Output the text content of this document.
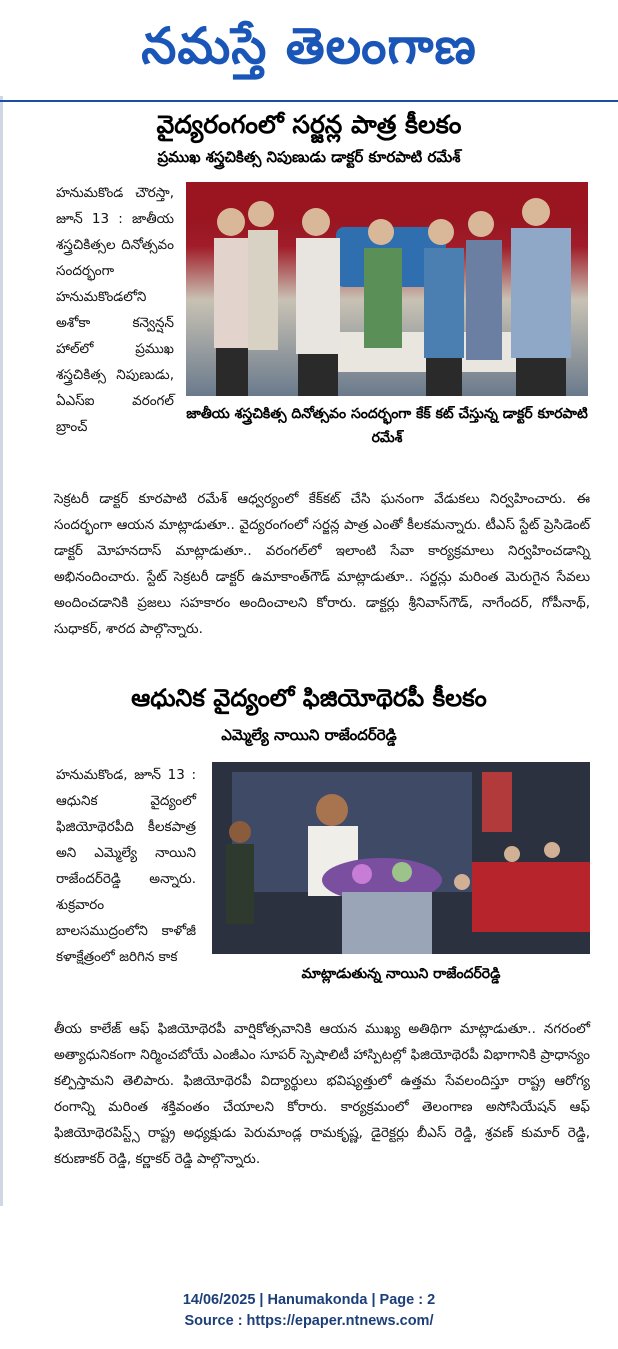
నమస్తే తెలంగాణ
వైద్యరంగంలో సర్జన్ల పాత్ర కీలకం
ప్రముఖ శస్త్రచికిత్స నిపుణుడు డాక్టర్ కూరపాటి రమేశ్
హనుమకొండ చౌరస్తా, జూన్ 13 : జాతీయ శస్త్రచికిత్సల దినోత్సవం సందర్భంగా హనుమకొండలోని అశోకా కన్వెన్షన్ హాల్‌లో ప్రముఖ శస్త్రచికిత్స నిపుణుడు, ఏఎస్‌ఐ వరంగల్ బ్రాంచ్
జాతీయ శస్త్రచికిత్స దినోత్సవం సందర్భంగా కేక్ కట్ చేస్తున్న డాక్టర్ కూరపాటి రమేశ్
సెక్రటరీ డాక్టర్ కూరపాటి రమేశ్ ఆధ్వర్యంలో కేక్‌కట్ చేసి ఘనంగా వేడుకలు నిర్వహించారు. ఈ సందర్భంగా ఆయన మాట్లాడుతూ.. వైద్యరంగంలో సర్జన్ల పాత్ర ఎంతో కీలకమన్నారు. టీఎస్ స్టేట్ ప్రెసిడెంట్ డాక్టర్ మోహనదాస్ మాట్లాడుతూ.. వరంగల్‌లో ఇలాంటి సేవా కార్యక్రమాలు నిర్వహించడాన్ని అభినందించారు. స్టేట్ సెక్రటరీ డాక్టర్ ఉమాకాంత్‌గౌడ్ మాట్లాడుతూ.. సర్జన్లు మరింత మెరుగైన సేవలు అందించడానికి ప్రజలు సహకారం అందించాలని కోరారు. డాక్టర్లు శ్రీనివాస్‌గౌడ్, నాగేందర్, గోపీనాథ్, సుధాకర్, శారద పాల్గొన్నారు.
ఆధునిక వైద్యంలో ఫిజియోథెరపీ కీలకం
ఎమ్మెల్యే నాయిని రాజేందర్‌రెడ్డి
హనుమకొండ, జూన్ 13 : ఆధునిక వైద్యంలో ఫిజియోథెరపీది కీలకపాత్ర అని ఎమ్మెల్యే నాయిని రాజేందర్‌రెడ్డి అన్నారు. శుక్రవారం బాలసముద్రంలోని కాళోజీ కళాక్షేత్రంలో జరిగిన కాక
మాట్లాడుతున్న నాయిని రాజేందర్‌రెడ్డి
తీయ కాలేజ్ ఆఫ్ ఫిజియోథెరపీ వార్షికోత్సవానికి ఆయన ముఖ్య అతిథిగా మాట్లాడుతూ.. నగరంలో అత్యాధునికంగా నిర్మించబోయే ఎంజీఎం సూపర్ స్పెషాలిటీ హాస్పిటల్లో ఫిజియోథెరపీ విభాగానికి ప్రాధాన్యం కల్పిస్తామని తెలిపారు. ఫిజియోథెరపీ విద్యార్థులు భవిష్యత్తులో ఉత్తమ సేవలందిస్తూ రాష్ట్ర ఆరోగ్య రంగాన్ని మరింత శక్తివంతం చేయాలని కోరారు. కార్యక్రమంలో తెలంగాణ అసోసియేషన్ ఆఫ్ ఫిజియోథెరపిస్ట్స్ రాష్ట్ర అధ్యక్షుడు పెరుమాండ్ల రామకృష్ణ, డైరెక్టర్లు బీఎస్ రెడ్డి, శ్రవణ్ కుమార్ రెడ్డి, కరుణాకర్ రెడ్డి, కర్ణాకర్ రెడ్డి పాల్గొన్నారు.
14/06/2025 | Hanumakonda | Page : 2
Source : https://epaper.ntnews.com/
